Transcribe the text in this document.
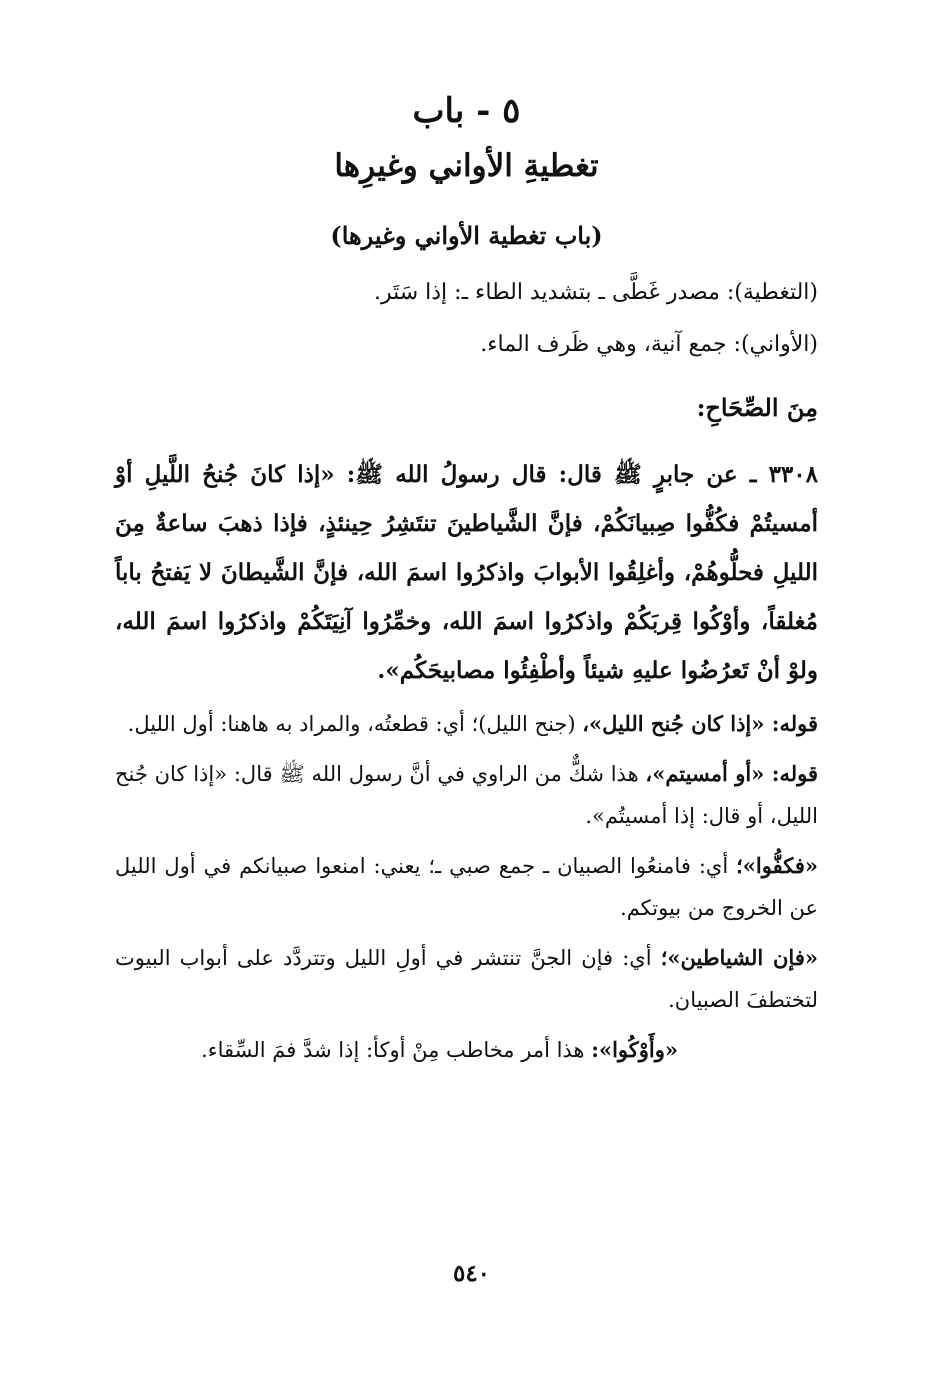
٥ - باب
تغطيةِ الأواني وغيرِها

(باب تغطية الأواني وغيرها)

(التغطية): مصدر غَطَّى ـ بتشديد الطاء ـ: إذا سَتَر.

(الأواني): جمع آنية، وهي ظَرف الماء.

مِنَ الصِّحَاحِ:

٣٣٠٨ ـ عن جابرٍ ﷺ قال: قال رسولُ الله ﷺ: «إذا كانَ جُنحُ اللَّيلِ أوْ أمسيتُمْ فكُفُّوا صِبيانَكُمْ، فإنَّ الشَّياطينَ تنتَشِرُ حِينئذٍ، فإذا ذهبَ ساعةٌ مِنَ الليلِ فحلُّوهُمْ، وأغلِقُوا الأبوابَ واذكرُوا اسمَ الله، فإنَّ الشَّيطانَ لا يَفتحُ باباً مُغلقاً، وأوْكُوا قِربَكُمْ واذكرُوا اسمَ الله، وخمِّرُوا آنِيَتَكُمْ واذكرُوا اسمَ الله، ولوْ أنْ تَعرُضُوا عليهِ شيئاً وأطْفِئُوا مصابيحَكُم».

قوله: «إذا كان جُنح الليل»، (جنح الليل)؛ أي: قطعتُه، والمراد به هاهنا: أول الليل.

قوله: «أو أمسيتم»، هذا شكٌّ من الراوي في أنَّ رسول الله ﷺ قال: «إذا كان جُنح الليل، أو قال: إذا أمسيتُم».

«فكفُّوا»؛ أي: فامنعُوا الصبيان ـ جمع صبي ـ؛ يعني: امنعوا صبيانكم في أول الليل عن الخروج من بيوتكم.

«فإن الشياطين»؛ أي: فإن الجنَّ تنتشر في أولِ الليل وتتردَّد على أبواب البيوت لتختطفَ الصبيان.

«وأَوْكُوا»: هذا أمر مخاطب مِنْ أوكأ: إذا شدَّ فمَ السِّقاء.

٥٤٠
